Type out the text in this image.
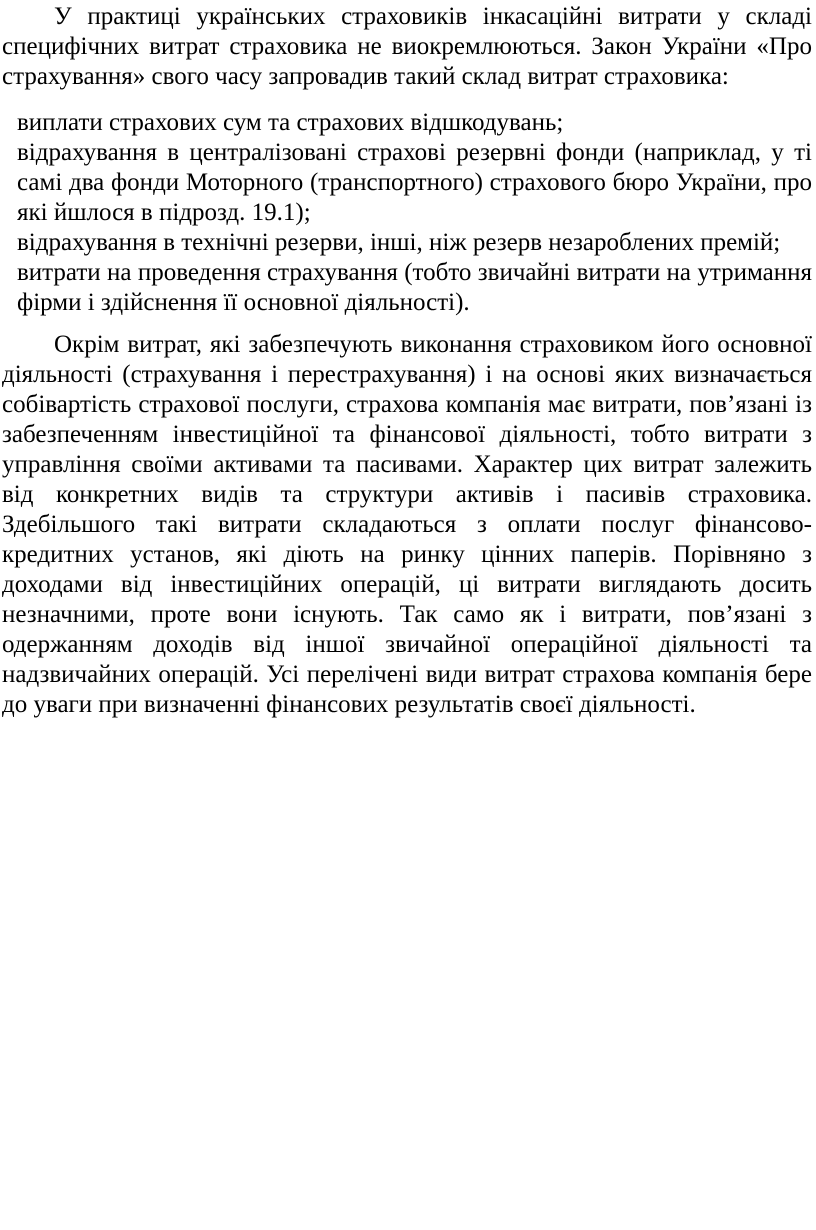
У практиці українських страховиків інкасаційні витрати у складі специфічних витрат страховика не виокремлюються. Закон України «Про страхування» свого часу запровадив такий склад витрат страховика:

виплати страхових сум та страхових відшкодувань;
відрахування в централізовані страхові резервні фонди (наприклад, у ті самі два фонди Моторного (транспортного) страхового бюро України, про які йшлося в підрозд. 19.1);
відрахування в технічні резерви, інші, ніж резерв незароблених премій;
витрати на проведення страхування (тобто звичайні витрати на утримання фірми і здійснення її основної діяльності).

Окрім витрат, які забезпечують виконання страховиком його основної діяльності (страхування і перестрахування) і на основі яких визначається собівартість страхової послуги, страхова компанія має витрати, пов’язані із забезпеченням інвестиційної та фінансової діяльності, тобто витрати з управління своїми активами та пасивами. Характер цих витрат залежить від конкретних видів та структури активів і пасивів страховика. Здебільшого такі витрати складаються з оплати послуг фінансово-кредитних установ, які діють на ринку цінних паперів. Порівняно з доходами від інвестиційних операцій, ці витрати виглядають досить незначними, проте вони існують. Так само як і витрати, пов’язані з одержанням доходів від іншої звичайної операційної діяльності та надзвичайних операцій. Усі перелічені види витрат страхова компанія бере до уваги при визначенні фінансових результатів своєї діяльності.
